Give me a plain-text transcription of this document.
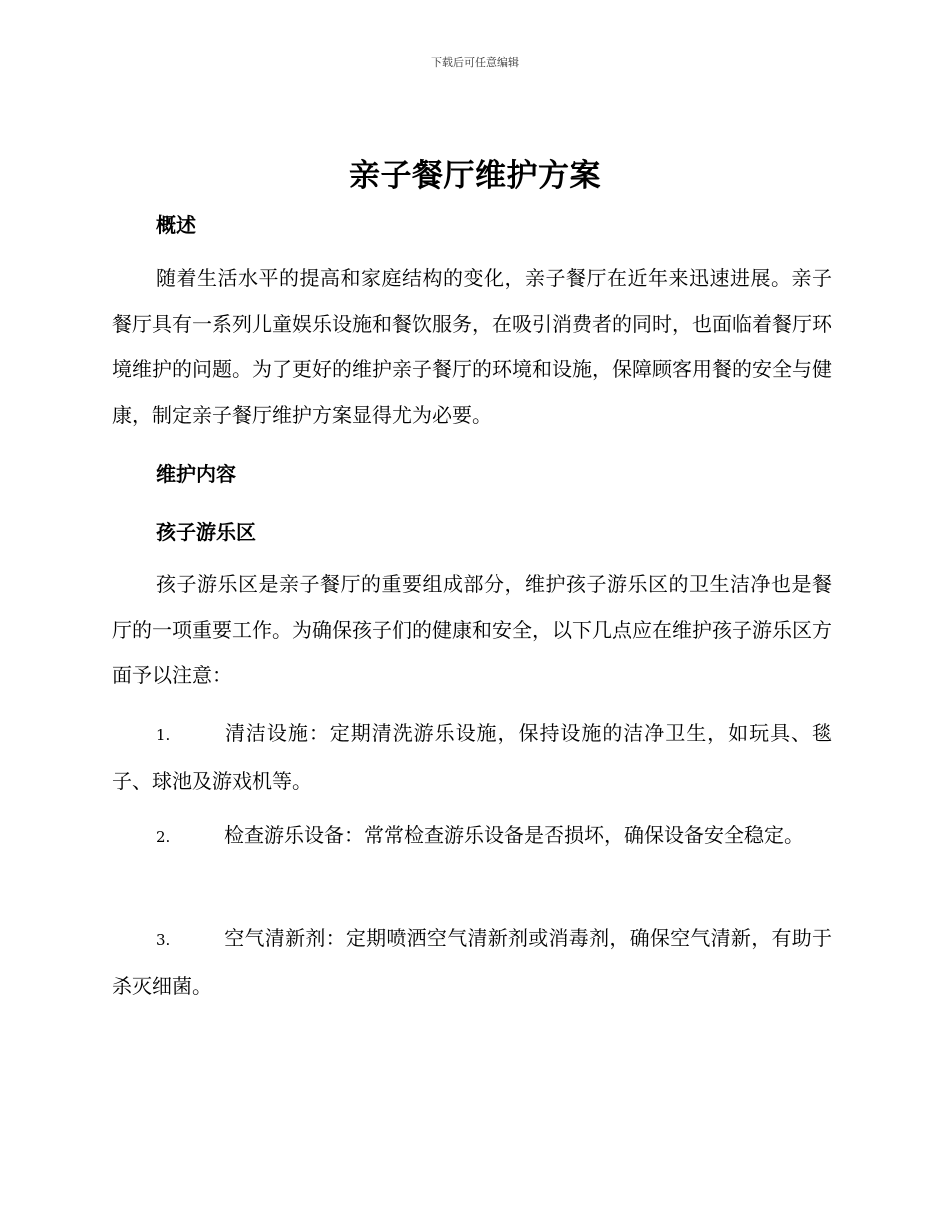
下载后可任意编辑
亲子餐厅维护方案
概述
随着生活水平的提高和家庭结构的变化，亲子餐厅在近年来迅速进展。亲子餐厅具有一系列儿童娱乐设施和餐饮服务，在吸引消费者的同时，也面临着餐厅环境维护的问题。为了更好的维护亲子餐厅的环境和设施，保障顾客用餐的安全与健康，制定亲子餐厅维护方案显得尤为必要。
维护内容
孩子游乐区
孩子游乐区是亲子餐厅的重要组成部分，维护孩子游乐区的卫生洁净也是餐厅的一项重要工作。为确保孩子们的健康和安全，以下几点应在维护孩子游乐区方面予以注意：
1.	清洁设施：定期清洗游乐设施，保持设施的洁净卫生，如玩具、毯子、球池及游戏机等。
2.	检查游乐设备：常常检查游乐设备是否损坏，确保设备安全稳定。
3.	空气清新剂：定期喷洒空气清新剂或消毒剂，确保空气清新，有助于杀灭细菌。
